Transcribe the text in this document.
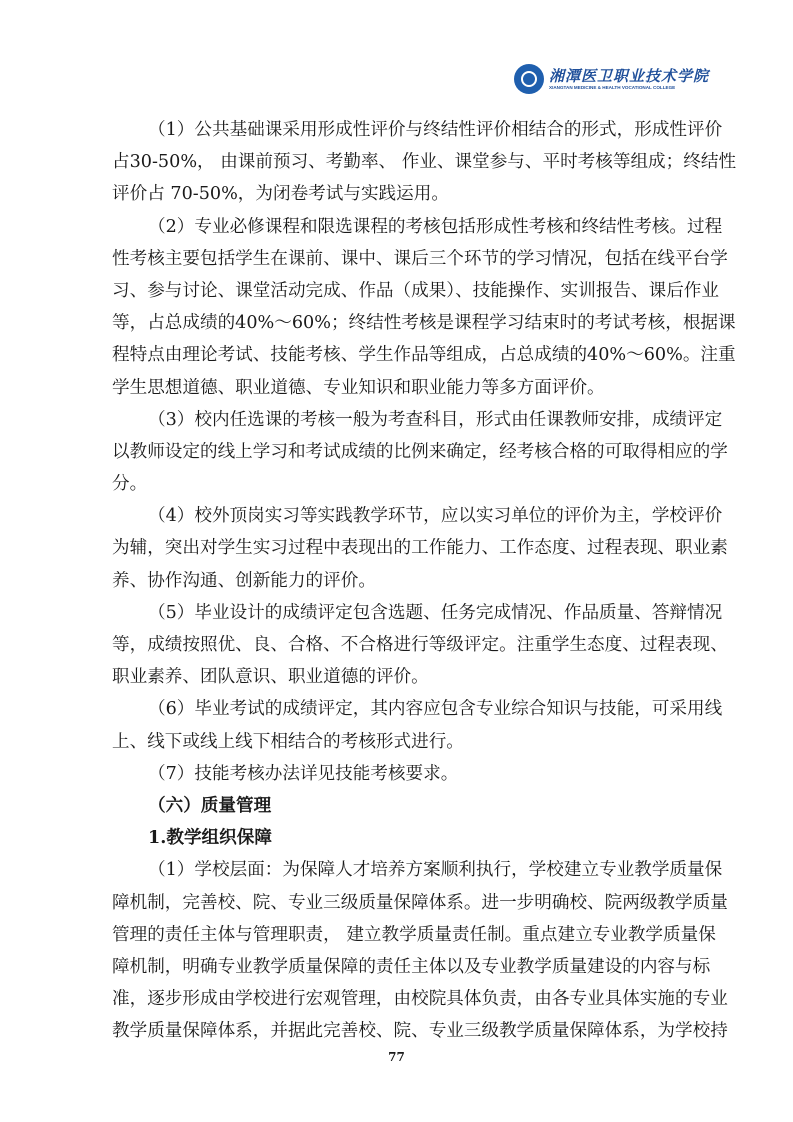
湘潭医卫职业技术学院
XIANGTAN MEDICINE & HEALTH VOCATIONAL COLLEGE
（1）公共基础课采用形成性评价与终结性评价相结合的形式，形成性评价
占30-50%， 由课前预习、考勤率、 作业、课堂参与、平时考核等组成；终结性
评价占 70-50%，为闭卷考试与实践运用。
（2）专业必修课程和限选课程的考核包括形成性考核和终结性考核。过程
性考核主要包括学生在课前、课中、课后三个环节的学习情况，包括在线平台学
习、参与讨论、课堂活动完成、作品（成果）、技能操作、实训报告、课后作业
等，占总成绩的40%～60%；终结性考核是课程学习结束时的考试考核，根据课
程特点由理论考试、技能考核、学生作品等组成，占总成绩的40%～60%。注重
学生思想道德、职业道德、专业知识和职业能力等多方面评价。
（3）校内任选课的考核一般为考查科目，形式由任课教师安排，成绩评定
以教师设定的线上学习和考试成绩的比例来确定，经考核合格的可取得相应的学
分。
（4）校外顶岗实习等实践教学环节，应以实习单位的评价为主，学校评价
为辅，突出对学生实习过程中表现出的工作能力、工作态度、过程表现、职业素
养、协作沟通、创新能力的评价。
（5）毕业设计的成绩评定包含选题、任务完成情况、作品质量、答辩情况
等，成绩按照优、良、合格、不合格进行等级评定。注重学生态度、过程表现、
职业素养、团队意识、职业道德的评价。
（6）毕业考试的成绩评定，其内容应包含专业综合知识与技能，可采用线
上、线下或线上线下相结合的考核形式进行。
（7）技能考核办法详见技能考核要求。
（六）质量管理
1.教学组织保障
（1）学校层面：为保障人才培养方案顺利执行，学校建立专业教学质量保
障机制，完善校、院、专业三级质量保障体系。进一步明确校、院两级教学质量
管理的责任主体与管理职责， 建立教学质量责任制。重点建立专业教学质量保
障机制，明确专业教学质量保障的责任主体以及专业教学质量建设的内容与标
准，逐步形成由学校进行宏观管理，由校院具体负责，由各专业具体实施的专业
教学质量保障体系，并据此完善校、院、专业三级教学质量保障体系，为学校持
77
